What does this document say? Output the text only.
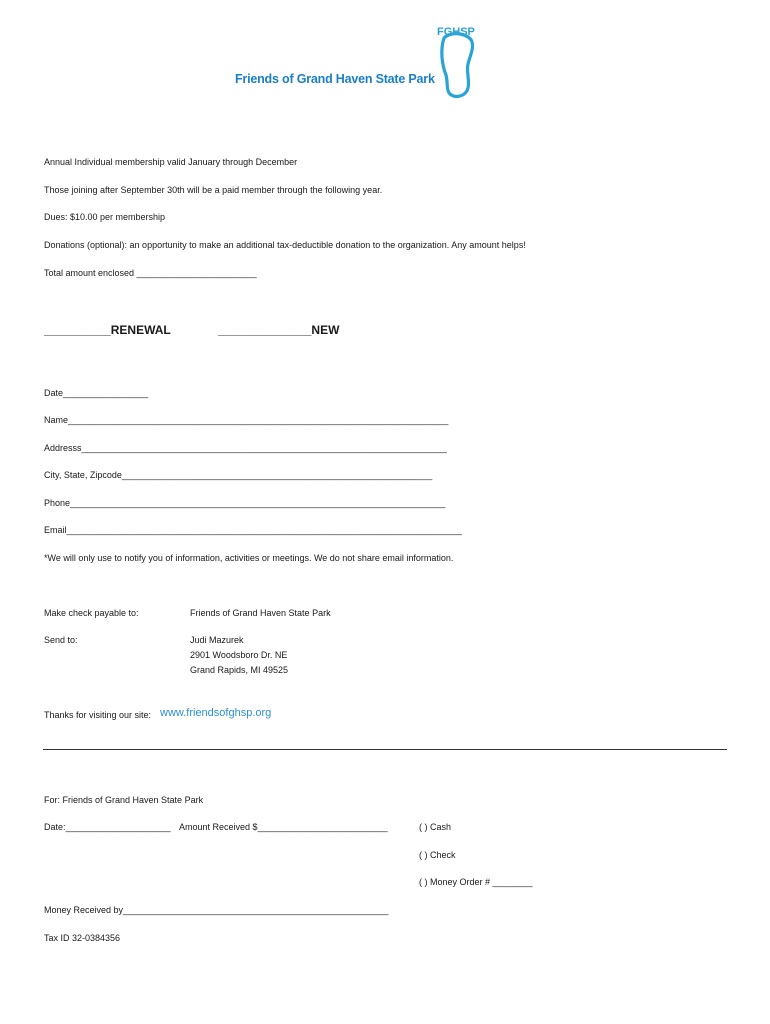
Friends of Grand Haven State Park
FGHSP
Annual Individual membership valid January through December
Those joining after September 30th will be a paid member through the following year.
Dues: $10.00 per membership
Donations (optional): an opportunity to make an additional tax-deductible donation to the organization. Any amount helps!
Total amount enclosed ________________________
__________RENEWAL	______________NEW
Date_________________
Name____________________________________________________________________________
Addresss_________________________________________________________________________
City, State, Zipcode______________________________________________________________
Phone___________________________________________________________________________
Email_______________________________________________________________________________
*We will only use to notify you of information, activities or meetings. We do not share email information.
Make check payable to:	Friends of Grand Haven State Park
Send to:	Judi Mazurek
2901 Woodsboro Dr. NE
Grand Rapids, MI 49525
Thanks for visiting our site: www.friendsofghsp.org
For: Friends of Grand Haven State Park
Date:_____________________ Amount Received $__________________________	( ) Cash
( ) Check
( ) Money Order # ________
Money Received by_____________________________________________________
Tax ID 32-0384356
